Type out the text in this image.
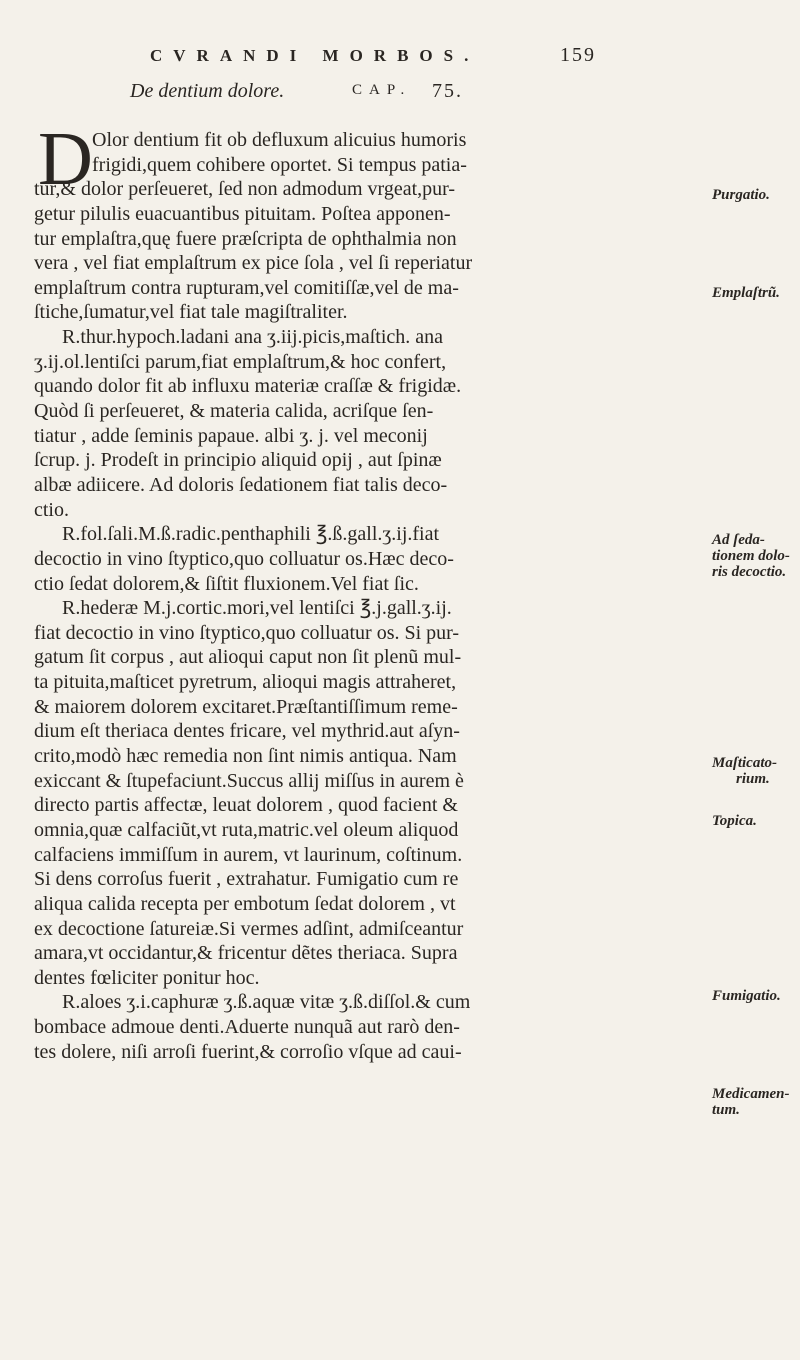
CVRANDI MORBOS.	159
De dentium dolore.	CAP. 75.
D Olor dentium fit ob defluxum alicuius humoris
frigidi,quem cohibere oportet. Si tempus patia-
tur,& dolor perſeueret, ſed non admodum vrgeat,pur-
getur pilulis euacuantibus pituitam. Poſtea apponen-
tur emplaſtra,quę fuere præſcripta de ophthalmia non
vera , vel fiat emplaſtrum ex pice ſola , vel ſi reperiatur
emplaſtrum contra rupturam,vel comitiſſæ,vel de ma-
ſtiche,ſumatur,vel fiat tale magiſtraliter.
R.thur.hypoch.ladani ana ʒ.iij.picis,maſtich. ana
ʒ.ij.ol.lentiſci parum,fiat emplaſtrum,& hoc confert,
quando dolor fit ab influxu materiæ craſſæ & frigidæ.
Quòd ſi perſeueret, & materia calida, acriſque ſen-
tiatur , adde ſeminis papaue. albi ʒ. j. vel meconij
ſcrup. j. Prodeſt in principio aliquid opij , aut ſpinæ
albæ adiicere. Ad doloris ſedationem fiat talis deco-
ctio.
R.fol.ſali.M.ß.radic.penthaphili ℥.ß.gall.ʒ.ij.fiat
decoctio in vino ſtyptico,quo colluatur os.Hæc deco-
ctio ſedat dolorem,& ſiſtit fluxionem.Vel fiat ſic.
R.hederæ M.j.cortic.mori,vel lentiſci ℥.j.gall.ʒ.ij.
fiat decoctio in vino ſtyptico,quo colluatur os. Si pur-
gatum ſit corpus , aut alioqui caput non ſit plenũ mul-
ta pituita,maſticet pyretrum, alioqui magis attraheret,
& maiorem dolorem excitaret.Præſtantiſſimum reme-
dium eſt theriaca dentes fricare, vel mythrid.aut aſyn-
crito,modò hæc remedia non ſint nimis antiqua. Nam
exiccant & ſtupefaciunt.Succus allij miſſus in aurem è
directo partis affectæ, leuat dolorem , quod facient &
omnia,quæ calfaciũt,vt ruta,matric.vel oleum aliquod
calfaciens immiſſum in aurem, vt laurinum, coſtinum.
Si dens corroſus fuerit , extrahatur. Fumigatio cum re
aliqua calida recepta per embotum ſedat dolorem , vt
ex decoctione ſatureiæ.Si vermes adſint, admiſceantur
amara,vt occidantur,& fricentur dẽtes theriaca. Supra
dentes fœliciter ponitur hoc.
R.aloes ʒ.i.caphuræ ʒ.ß.aquæ vitæ ʒ.ß.diſſol.& cum
bombace admoue denti.Aduerte nunquã aut rarò den-
tes dolere, niſi arroſi fuerint,& corroſio vſque ad caui-
Purgatio.
Emplaſtrũ.
Ad ſeda-
tionem dolo-
ris decoctio.
Maſticato-
rium.
Topica.
Fumigatio.
Medicamen-
tum.
